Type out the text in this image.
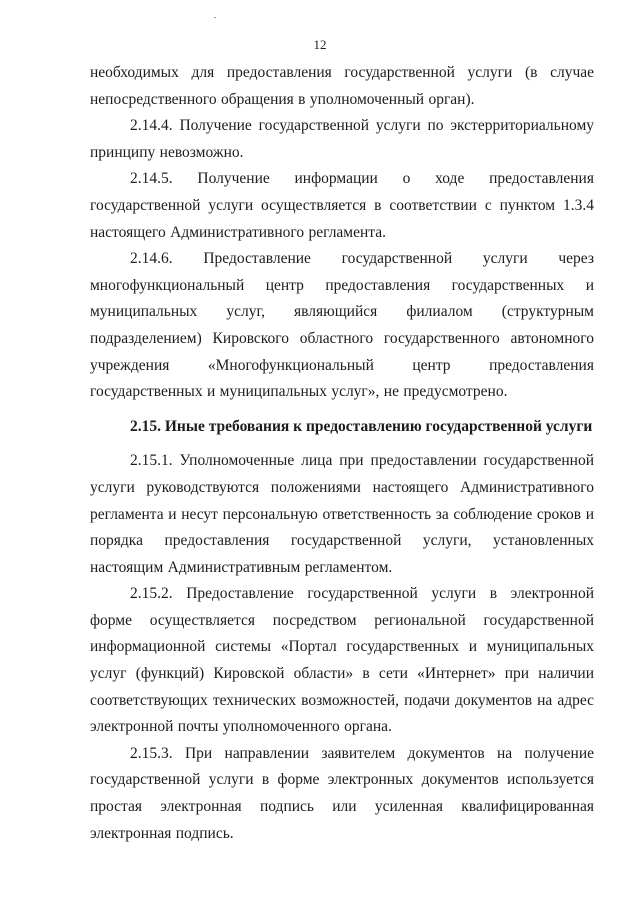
12

необходимых для предоставления государственной услуги (в случае непосредственного обращения в уполномоченный орган).

2.14.4. Получение государственной услуги по экстерриториальному принципу невозможно.

2.14.5. Получение информации о ходе предоставления государственной услуги осуществляется в соответствии с пунктом 1.3.4 настоящего Административного регламента.

2.14.6. Предоставление государственной услуги через многофункциональный центр предоставления государственных и муниципальных услуг, являющийся филиалом (структурным подразделением) Кировского областного государственного автономного учреждения «Многофункциональный центр предоставления государственных и муниципальных услуг», не предусмотрено.

2.15. Иные требования к предоставлению государственной услуги

2.15.1. Уполномоченные лица при предоставлении государственной услуги руководствуются положениями настоящего Административного регламента и несут персональную ответственность за соблюдение сроков и порядка предоставления государственной услуги, установленных настоящим Административным регламентом.

2.15.2. Предоставление государственной услуги в электронной форме осуществляется посредством региональной государственной информационной системы «Портал государственных и муниципальных услуг (функций) Кировской области» в сети «Интернет» при наличии соответствующих технических возможностей, подачи документов на адрес электронной почты уполномоченного органа.

2.15.3. При направлении заявителем документов на получение государственной услуги в форме электронных документов используется простая электронная подпись или усиленная квалифицированная электронная подпись.
